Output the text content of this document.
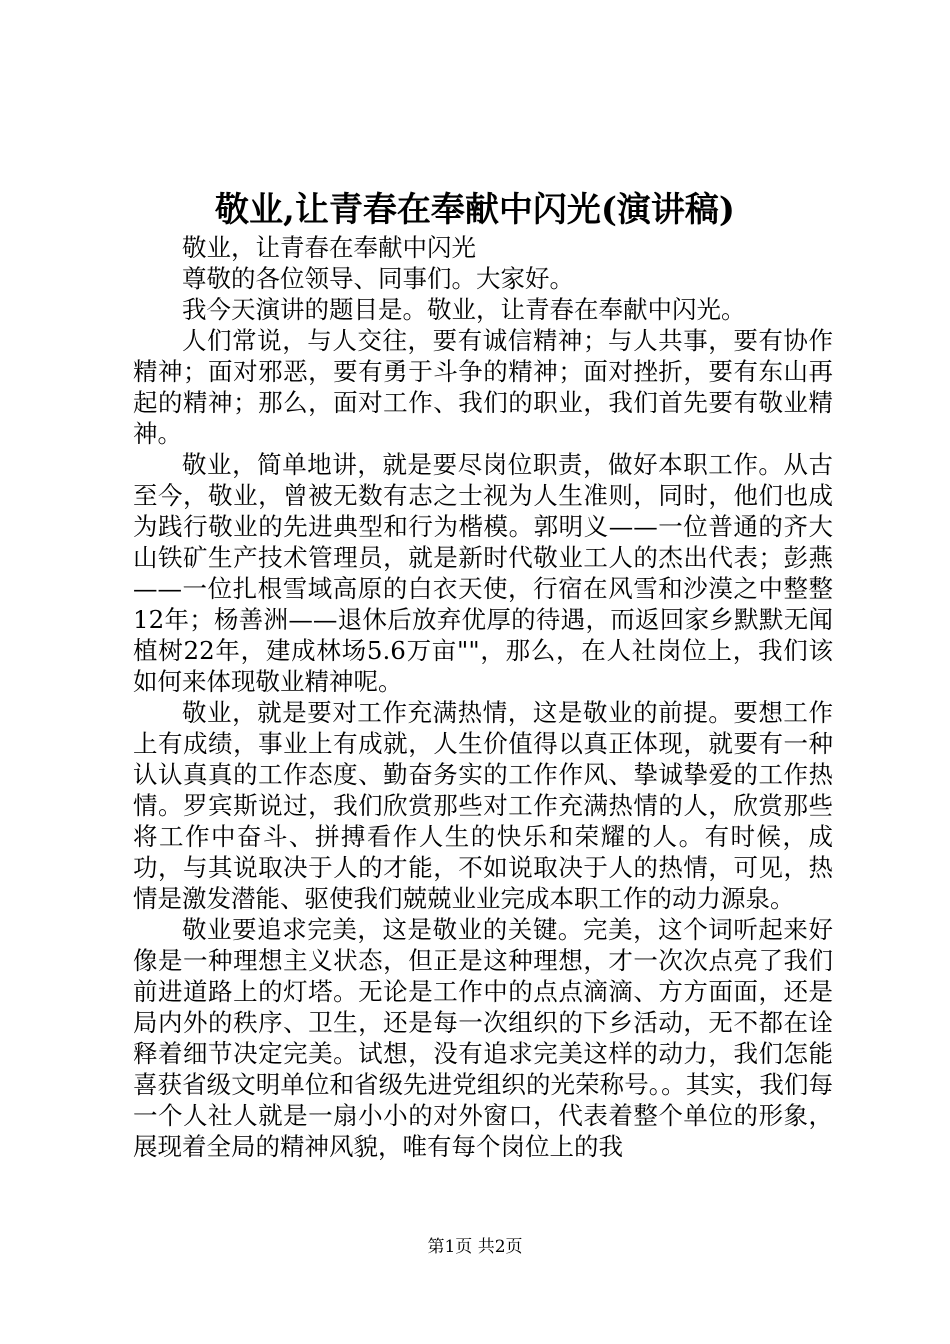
敬业,让青春在奉献中闪光(演讲稿)

敬业，让青春在奉献中闪光

尊敬的各位领导、同事们。大家好。

我今天演讲的题目是。敬业，让青春在奉献中闪光。

人们常说，与人交往，要有诚信精神；与人共事，要有协作精神；面对邪恶，要有勇于斗争的精神；面对挫折，要有东山再起的精神；那么，面对工作、我们的职业，我们首先要有敬业精神。

敬业，简单地讲，就是要尽岗位职责，做好本职工作。从古至今，敬业，曾被无数有志之士视为人生准则，同时，他们也成为践行敬业的先进典型和行为楷模。郭明义——一位普通的齐大山铁矿生产技术管理员，就是新时代敬业工人的杰出代表；彭燕——一位扎根雪域高原的白衣天使，行宿在风雪和沙漠之中整整12年；杨善洲——退休后放弃优厚的待遇，而返回家乡默默无闻植树22年，建成林场5.6万亩""，那么，在人社岗位上，我们该如何来体现敬业精神呢。

敬业，就是要对工作充满热情，这是敬业的前提。要想工作上有成绩，事业上有成就，人生价值得以真正体现，就要有一种认认真真的工作态度、勤奋务实的工作作风、挚诚挚爱的工作热情。罗宾斯说过，我们欣赏那些对工作充满热情的人，欣赏那些将工作中奋斗、拼搏看作人生的快乐和荣耀的人。有时候，成功，与其说取决于人的才能，不如说取决于人的热情，可见，热情是激发潜能、驱使我们兢兢业业完成本职工作的动力源泉。

敬业要追求完美，这是敬业的关键。完美，这个词听起来好像是一种理想主义状态，但正是这种理想，才一次次点亮了我们前进道路上的灯塔。无论是工作中的点点滴滴、方方面面，还是局内外的秩序、卫生，还是每一次组织的下乡活动，无不都在诠释着细节决定完美。试想，没有追求完美这样的动力，我们怎能喜获省级文明单位和省级先进党组织的光荣称号。。其实，我们每一个人社人就是一扇小小的对外窗口，代表着整个单位的形象，展现着全局的精神风貌，唯有每个岗位上的我

第1页 共2页
